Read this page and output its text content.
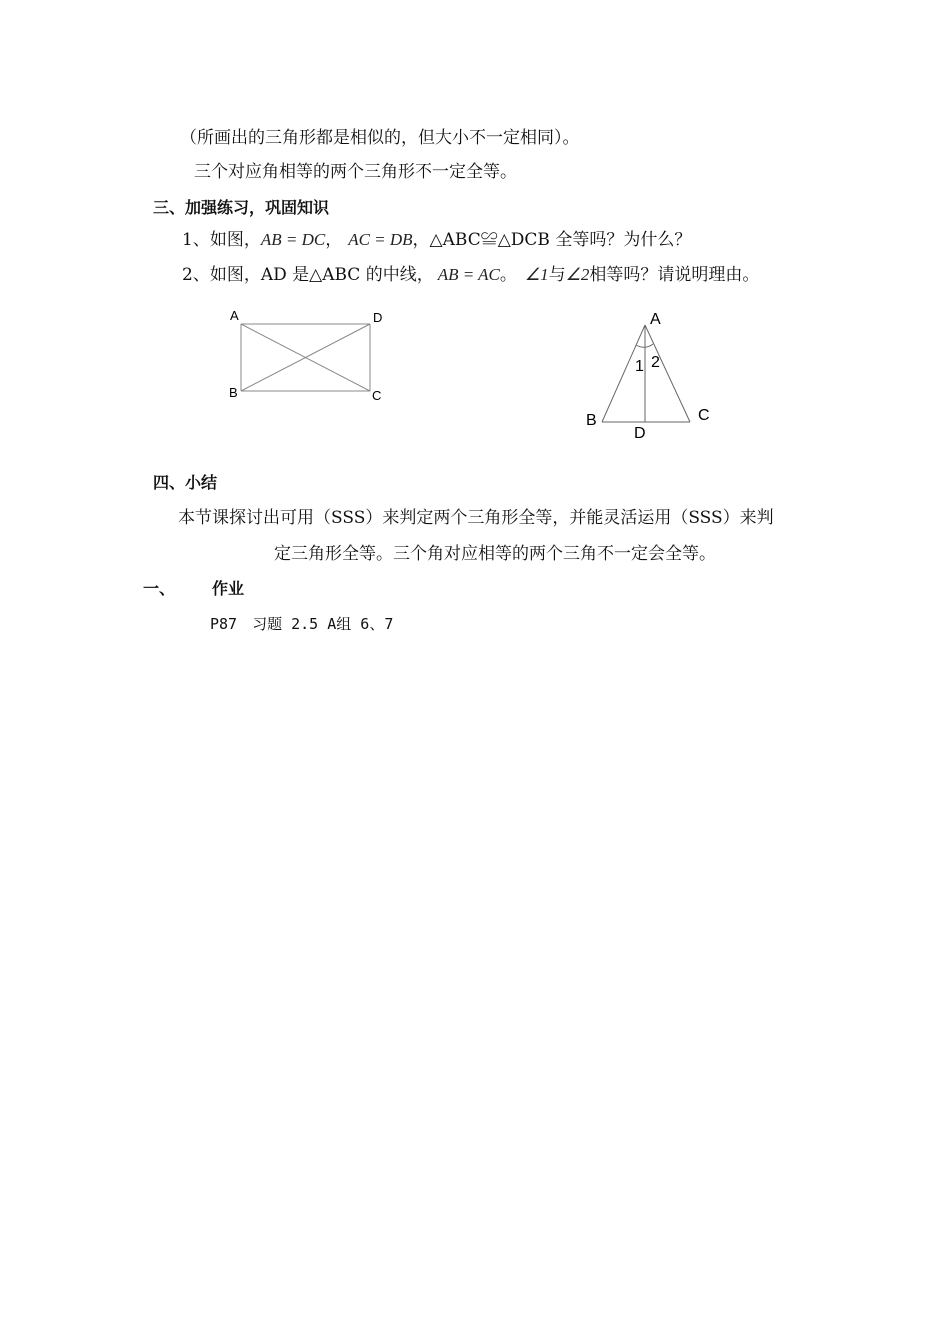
（所画出的三角形都是相似的，但大小不一定相同）。
三个对应角相等的两个三角形不一定全等。
三、加强练习，巩固知识
1、如图，AB = DC， AC = DB，△ABC≌△DCB 全等吗？为什么？
2、如图，AD 是△ABC 的中线， AB = AC。 ∠1与∠2相等吗？请说明理由。
A	D
B	C
A
1 2
B	C
D
四、小结
本节课探讨出可用（SSS）来判定两个三角形全等，并能灵活运用（SSS）来判
定三角形全等。三个角对应相等的两个三角不一定会全等。
一、 作业
P87　习题 2.5 A组 6、7
